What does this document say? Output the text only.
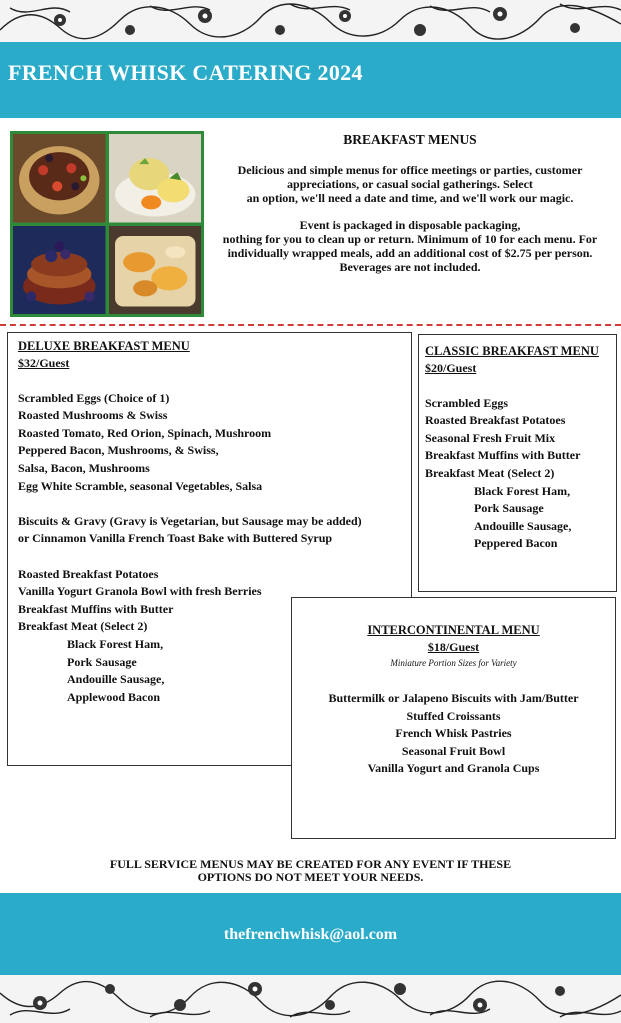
FRENCH WHISK CATERING 2024
BREAKFAST MENUS

Delicious and simple menus for office meetings or parties, customer
appreciations, or casual social gatherings. Select
an option, we'll need a date and time, and we'll work our magic.

Event is packaged in disposable packaging,
nothing for you to clean up or return. Minimum of 10 for each menu. For
individually wrapped meals, add an additional cost of $2.75 per person.
Beverages are not included.

DELUXE BREAKFAST MENU
$32/Guest
Scrambled Eggs (Choice of 1)
Roasted Mushrooms & Swiss
Roasted Tomato, Red Orion, Spinach, Mushroom
Peppered Bacon, Mushrooms, & Swiss,
Salsa, Bacon, Mushrooms
Egg White Scramble, seasonal Vegetables, Salsa
Biscuits & Gravy (Gravy is Vegetarian, but Sausage may be added)
or Cinnamon Vanilla French Toast Bake with Buttered Syrup
Roasted Breakfast Potatoes
Vanilla Yogurt Granola Bowl with fresh Berries
Breakfast Muffins with Butter
Breakfast Meat (Select 2)
Black Forest Ham,
Pork Sausage
Andouille Sausage,
Applewood Bacon
CLASSIC BREAKFAST MENU
$20/Guest
Scrambled Eggs
Roasted Breakfast Potatoes
Seasonal Fresh Fruit Mix
Breakfast Muffins with Butter
Breakfast Meat (Select 2)
Black Forest Ham,
Pork Sausage
Andouille Sausage,
Peppered Bacon
INTERCONTINENTAL MENU
$18/Guest
Miniature Portion Sizes for Variety
Buttermilk or Jalapeno Biscuits with Jam/Butter
Stuffed Croissants
French Whisk Pastries
Seasonal Fruit Bowl
Vanilla Yogurt and Granola Cups
FULL SERVICE MENUS MAY BE CREATED FOR ANY EVENT IF THESE
OPTIONS DO NOT MEET YOUR NEEDS.
thefrenchwhisk@aol.com
